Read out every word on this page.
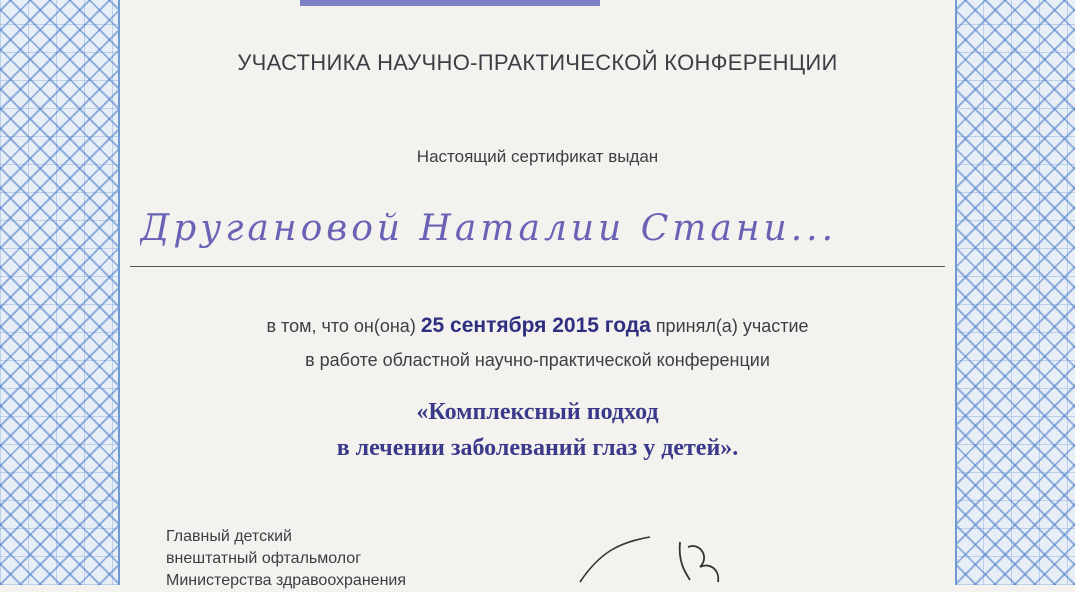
УЧАСТНИКА НАУЧНО-ПРАКТИЧЕСКОЙ КОНФЕРЕНЦИИ
Настоящий сертификат выдан
Другановой Наталии Стани...
в том, что он(она) 25 сентября 2015 года принял(а) участие
в работе областной научно-практической конференции
«Комплексный подход
в лечении заболеваний глаз у детей».
Главный детский
внештатный офтальмолог
Министерства здравоохранения
